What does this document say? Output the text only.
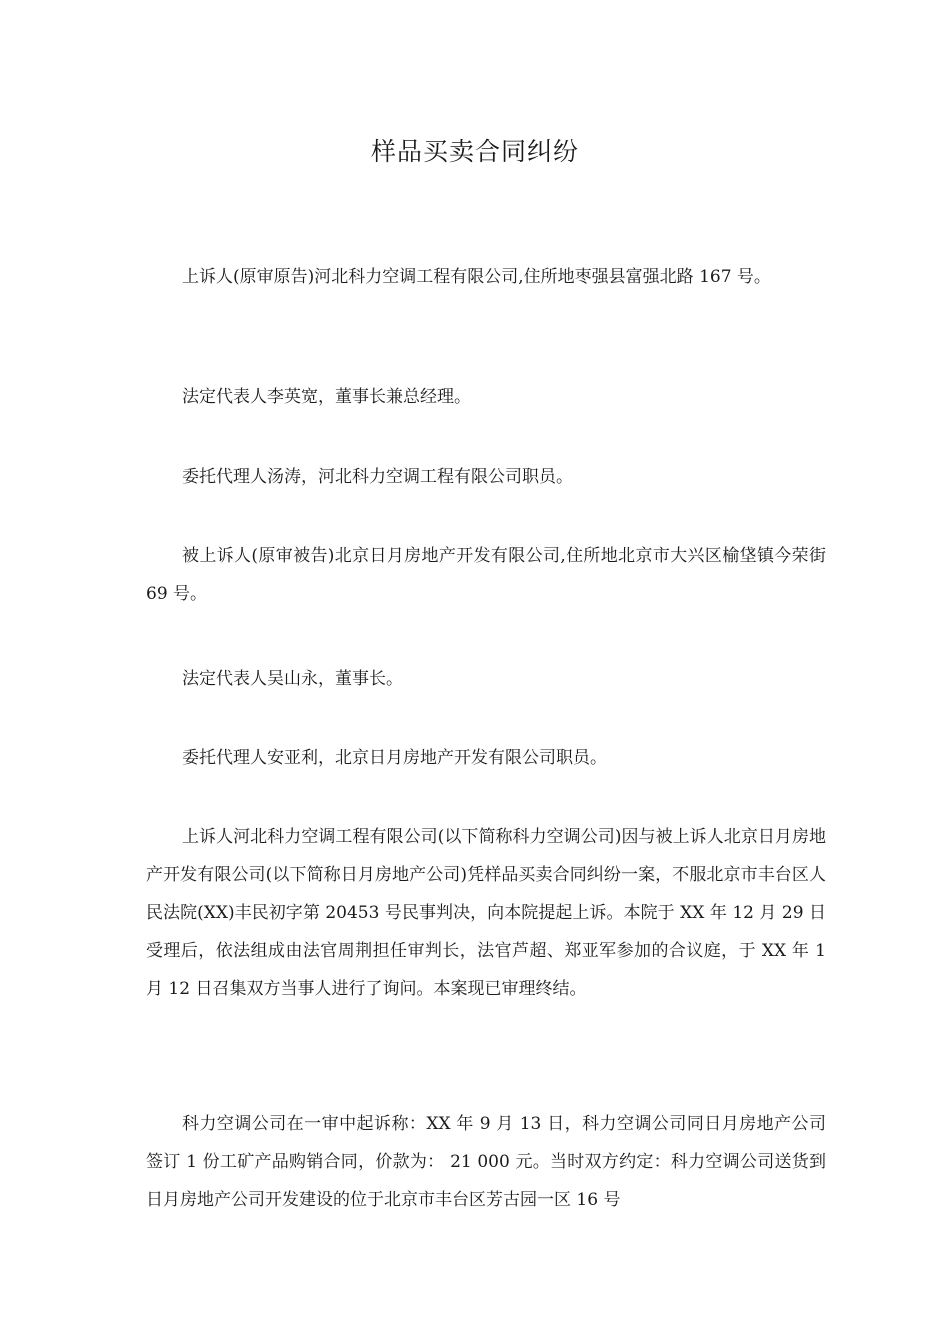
样品买卖合同纠纷

上诉人(原审原告)河北科力空调工程有限公司,住所地枣强县富强北路 167 号。

法定代表人李英宽，董事长兼总经理。

委托代理人汤涛，河北科力空调工程有限公司职员。

被上诉人(原审被告)北京日月房地产开发有限公司,住所地北京市大兴区榆垡镇今荣街 69 号。

法定代表人吴山永，董事长。

委托代理人安亚利，北京日月房地产开发有限公司职员。

上诉人河北科力空调工程有限公司(以下简称科力空调公司)因与被上诉人北京日月房地产开发有限公司(以下简称日月房地产公司)凭样品买卖合同纠纷一案，不服北京市丰台区人民法院(XX)丰民初字第 20453 号民事判决，向本院提起上诉。本院于 XX 年 12 月 29 日受理后，依法组成由法官周荆担任审判长，法官芦超、郑亚军参加的合议庭，于 XX 年 1 月 12 日召集双方当事人进行了询问。本案现已审理终结。

科力空调公司在一审中起诉称：XX 年 9 月 13 日，科力空调公司同日月房地产公司签订 1 份工矿产品购销合同，价款为： 21 000 元。当时双方约定：科力空调公司送货到日月房地产公司开发建设的位于北京市丰台区芳古园一区 16 号
